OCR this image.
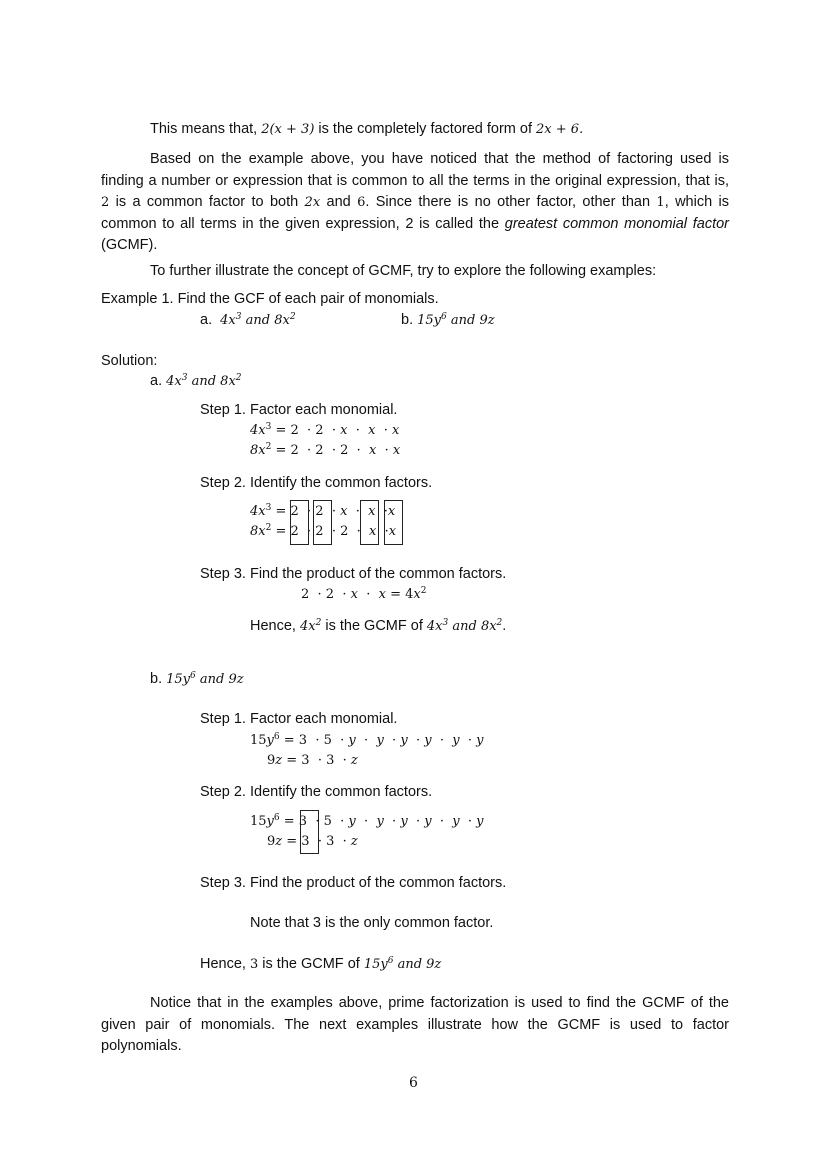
This means that, 2(x + 3) is the completely factored form of 2x + 6.
Based on the example above, you have noticed that the method of factoring used is finding a number or expression that is common to all the terms in the original expression, that is, 2 is a common factor to both 2x and 6. Since there is no other factor, other than 1, which is common to all terms in the given expression, 2 is called the greatest common monomial factor (GCMF).
To further illustrate the concept of GCMF, try to explore the following examples:
Example 1. Find the GCF of each pair of monomials.
a. $4x^3$ and $8x^2$	b. $15y^6$ and 9z
Solution:
a. $4x^3$ and $8x^2$
Step 1. Factor each monomial.
$4x^3 = 2 \cdot 2 \cdot x \cdot x \cdot x$
$8x^2 = 2 \cdot 2 \cdot 2 \cdot x \cdot x$
Step 2. Identify the common factors.
$4x^3 = 2 \cdot 2 \cdot x \cdot x \cdot x$
$8x^2 = 2 \cdot 2 \cdot 2 \cdot x \cdot x$
Step 3. Find the product of the common factors.
$2 \cdot 2 \cdot x \cdot x = 4x^2$
Hence, $4x^2$ is the GCMF of $4x^3$ and $8x^2$.
b. $15y^6$ and 9z
Step 1. Factor each monomial.
$15y^6 = 3 \cdot 5 \cdot y \cdot y \cdot y \cdot y \cdot y \cdot y$
9z = 3  · 3  · z
Step 2. Identify the common factors.
$15y^6 = 3 \cdot 5 \cdot y \cdot y \cdot y \cdot y \cdot y \cdot y$
9z = 3  · 3  · z
Step 3. Find the product of the common factors.
Note that 3 is the only common factor.
Hence, 3 is the GCMF of $15y^6$ and 9z
Notice that in the examples above, prime factorization is used to find the GCMF of the given pair of monomials. The next examples illustrate how the GCMF is used to factor polynomials.
6
